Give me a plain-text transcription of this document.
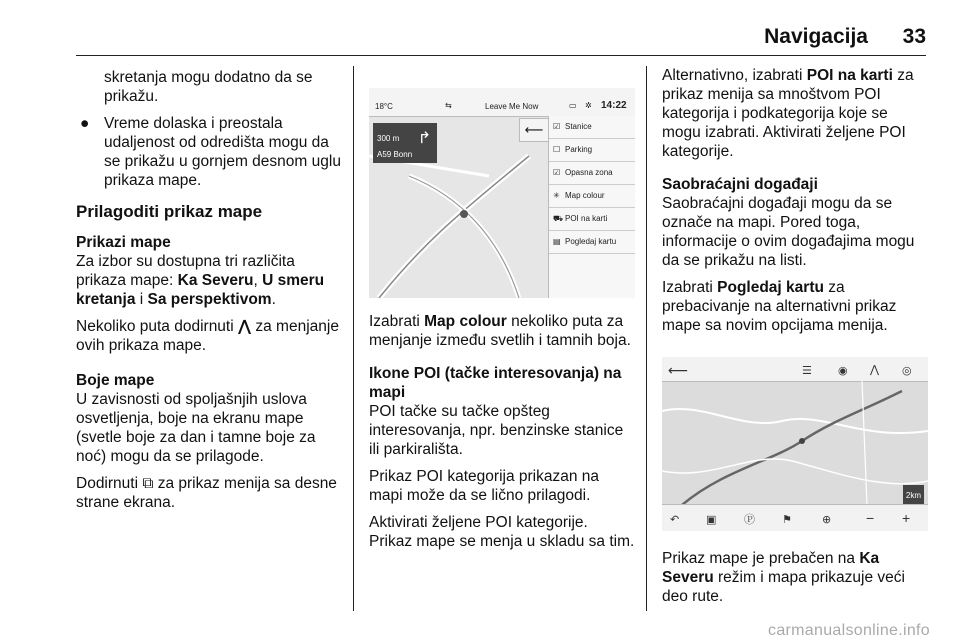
Navigacija 33
skretanja mogu dodatno da se prikažu.
● Vreme dolaska i preostala udaljenost od odredišta mogu da se prikažu u gornjem desnom uglu prikaza mape.
Prilagoditi prikaz mape
Prikazi mape

Za izbor su dostupna tri različita prikaza mape: Ka Severu, U smeru kretanja i Sa perspektivom.

Nekoliko puta dodirnuti ⋀ za menjanje ovih prikaza mape.

Boje mape

U zavisnosti od spoljašnjih uslova osvetljenja, boje na ekranu mape (svetle boje za dan i tamne boje za noć) mogu da se prilagode.

Dodirnuti ⧉ za prikaz menija sa desne strane ekrana.

18°C	⇆	Leave Me Now	▭ ✲ 14:22
300 m
A59 Bonn
↱
⟵	☑ Stanice
☐ Parking
☑ Opasna zona
✳ Map colour
⛟ POI na karti
▤ Pogledaj kartu

Izabrati Map colour nekoliko puta za menjanje između svetlih i tamnih boja.

Ikone POI (tačke interesovanja) na mapi

POI tačke su tačke opšteg interesovanja, npr. benzinske stanice ili parkirališta.

Prikaz POI kategorija prikazan na mapi može da se lično prilagodi.

Aktivirati željene POI kategorije. Prikaz mape se menja u skladu sa tim.

Alternativno, izabrati POI na karti za prikaz menija sa mnoštvom POI kategorija i podkategorija koje se mogu izabrati. Aktivirati željene POI kategorije.

Saobraćajni događaji

Saobraćajni događaji mogu da se označe na mapi. Pored toga, informacije o ovim događajima mogu da se prikažu na listi.

Izabrati Pogledaj kartu za prebacivanje na alternativni prikaz mape sa novim opcijama menija.

⟵	☰ ◉ ⋀ ◎
2km
↶ ▣	Ⓟ ⚑	⊕ − +

Prikaz mape je prebačen na Ka Severu režim i mapa prikazuje veći deo rute.

carmanualsonline.info
